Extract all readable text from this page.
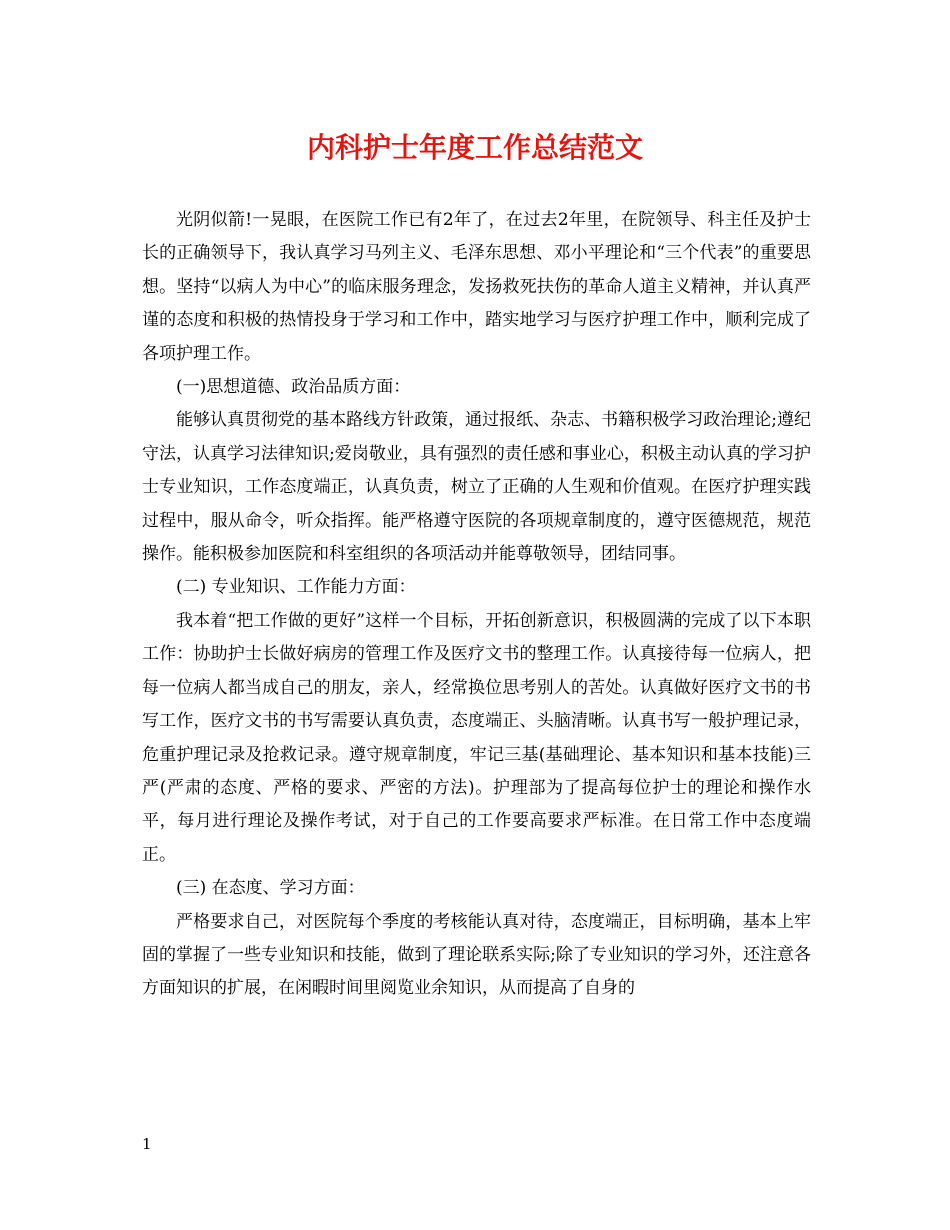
内科护士年度工作总结范文

光阴似箭!一晃眼，在医院工作已有2年了，在过去2年里，在院领导、科主任及护士长的正确领导下，我认真学习马列主义、毛泽东思想、邓小平理论和“三个代表”的重要思想。坚持“以病人为中心”的临床服务理念，发扬救死扶伤的革命人道主义精神，并认真严谨的态度和积极的热情投身于学习和工作中，踏实地学习与医疗护理工作中，顺利完成了各项护理工作。

(一)思想道德、政治品质方面：

能够认真贯彻党的基本路线方针政策，通过报纸、杂志、书籍积极学习政治理论;遵纪守法，认真学习法律知识;爱岗敬业，具有强烈的责任感和事业心，积极主动认真的学习护士专业知识，工作态度端正，认真负责，树立了正确的人生观和价值观。在医疗护理实践过程中，服从命令，听众指挥。能严格遵守医院的各项规章制度的，遵守医德规范，规范操作。能积极参加医院和科室组织的各项活动并能尊敬领导，团结同事。

(二) 专业知识、工作能力方面：

我本着“把工作做的更好”这样一个目标，开拓创新意识，积极圆满的完成了以下本职工作：协助护士长做好病房的管理工作及医疗文书的整理工作。认真接待每一位病人，把每一位病人都当成自己的朋友，亲人，经常换位思考别人的苦处。认真做好医疗文书的书写工作，医疗文书的书写需要认真负责，态度端正、头脑清晰。认真书写一般护理记录，危重护理记录及抢救记录。遵守规章制度，牢记三基(基础理论、基本知识和基本技能)三严(严肃的态度、严格的要求、严密的方法)。护理部为了提高每位护士的理论和操作水平，每月进行理论及操作考试，对于自己的工作要高要求严标准。在日常工作中态度端正。

(三) 在态度、学习方面：

严格要求自己，对医院每个季度的考核能认真对待，态度端正，目标明确，基本上牢固的掌握了一些专业知识和技能，做到了理论联系实际;除了专业知识的学习外，还注意各方面知识的扩展，在闲暇时间里阅览业余知识，从而提高了自身的

1
